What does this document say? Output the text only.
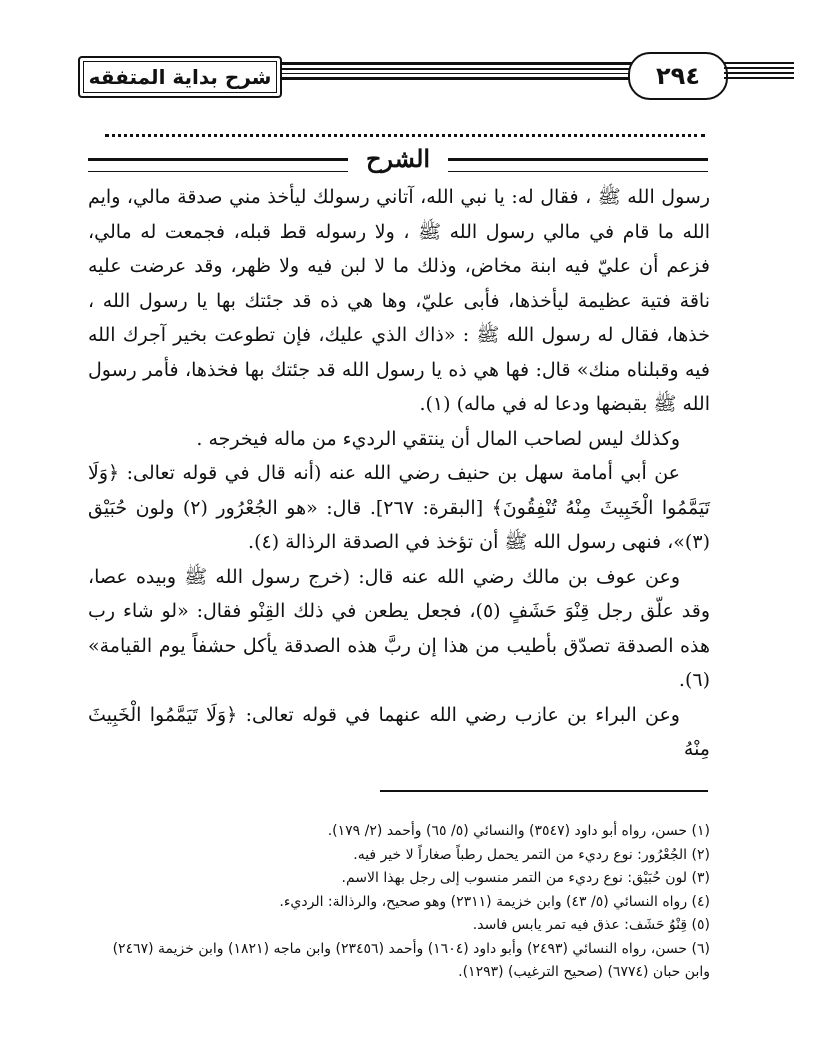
شرح بداية المتفقه	٢٩٤
الشرح

رسول الله ﷺ ، فقال له: يا نبي الله، آتاني رسولك ليأخذ مني صدقة مالي، وايم الله ما قام في مالي رسول الله ﷺ ، ولا رسوله قط قبله، فجمعت له مالي، فزعم أن عليّ فيه ابنة مخاض، وذلك ما لا لبن فيه ولا ظهر، وقد عرضت عليه ناقة فتية عظيمة ليأخذها، فأبى عليّ، وها هي ذه قد جئتك بها يا رسول الله ، خذها، فقال له رسول الله ﷺ : «ذاك الذي عليك، فإن تطوعت بخير آجرك الله فيه وقبلناه منك» قال: فها هي ذه يا رسول الله قد جئتك بها فخذها، فأمر رسول الله ﷺ بقبضها ودعا له في ماله) (١).

وكذلك ليس لصاحب المال أن ينتقي الرديء من ماله فيخرجه .

عن أبي أمامة سهل بن حنيف رضي الله عنه (أنه قال في قوله تعالى: ﴿وَلَا تَيَمَّمُوا الْخَبِيثَ مِنْهُ تُنْفِقُونَ﴾ [البقرة: ٢٦٧]. قال: «هو الجُعْرُور (٢) ولون حُبَيْق (٣)»، فنهى رسول الله ﷺ أن تؤخذ في الصدقة الرذالة (٤).

وعن عوف بن مالك رضي الله عنه قال: (خرج رسول الله ﷺ وبيده عصا، وقد علّق رجل قِنْوَ حَشَفٍ (٥)، فجعل يطعن في ذلك القِنْو فقال: «لو شاء رب هذه الصدقة تصدّق بأطيب من هذا إن ربَّ هذه الصدقة يأكل حشفاً يوم القيامة» (٦).

وعن البراء بن عازب رضي الله عنهما في قوله تعالى: ﴿وَلَا تَيَمَّمُوا الْخَبِيثَ مِنْهُ

(١) حسن، رواه أبو داود (٣٥٤٧) والنسائي (٥/ ٦٥) وأحمد (٢/ ١٧٩).

(٢) الجُعْرُور: نوع رديء من التمر يحمل رطباً صغاراً لا خير فيه.

(٣) لون حُبَيْق: نوع رديء من التمر منسوب إلى رجل بهذا الاسم.

(٤) رواه النسائي (٥/ ٤٣) وابن خزيمة (٢٣١١) وهو صحيح، والرذالة: الرديء.

(٥) قِنْوُ حَشَف: عذق فيه تمر يابس فاسد.

(٦) حسن، رواه النسائي (٢٤٩٣) وأبو داود (١٦٠٤) وأحمد (٢٣٤٥٦) وابن ماجه (١٨٢١) وابن خزيمة (٢٤٦٧) وابن حبان (٦٧٧٤) (صحيح الترغيب) (١٢٩٣).
